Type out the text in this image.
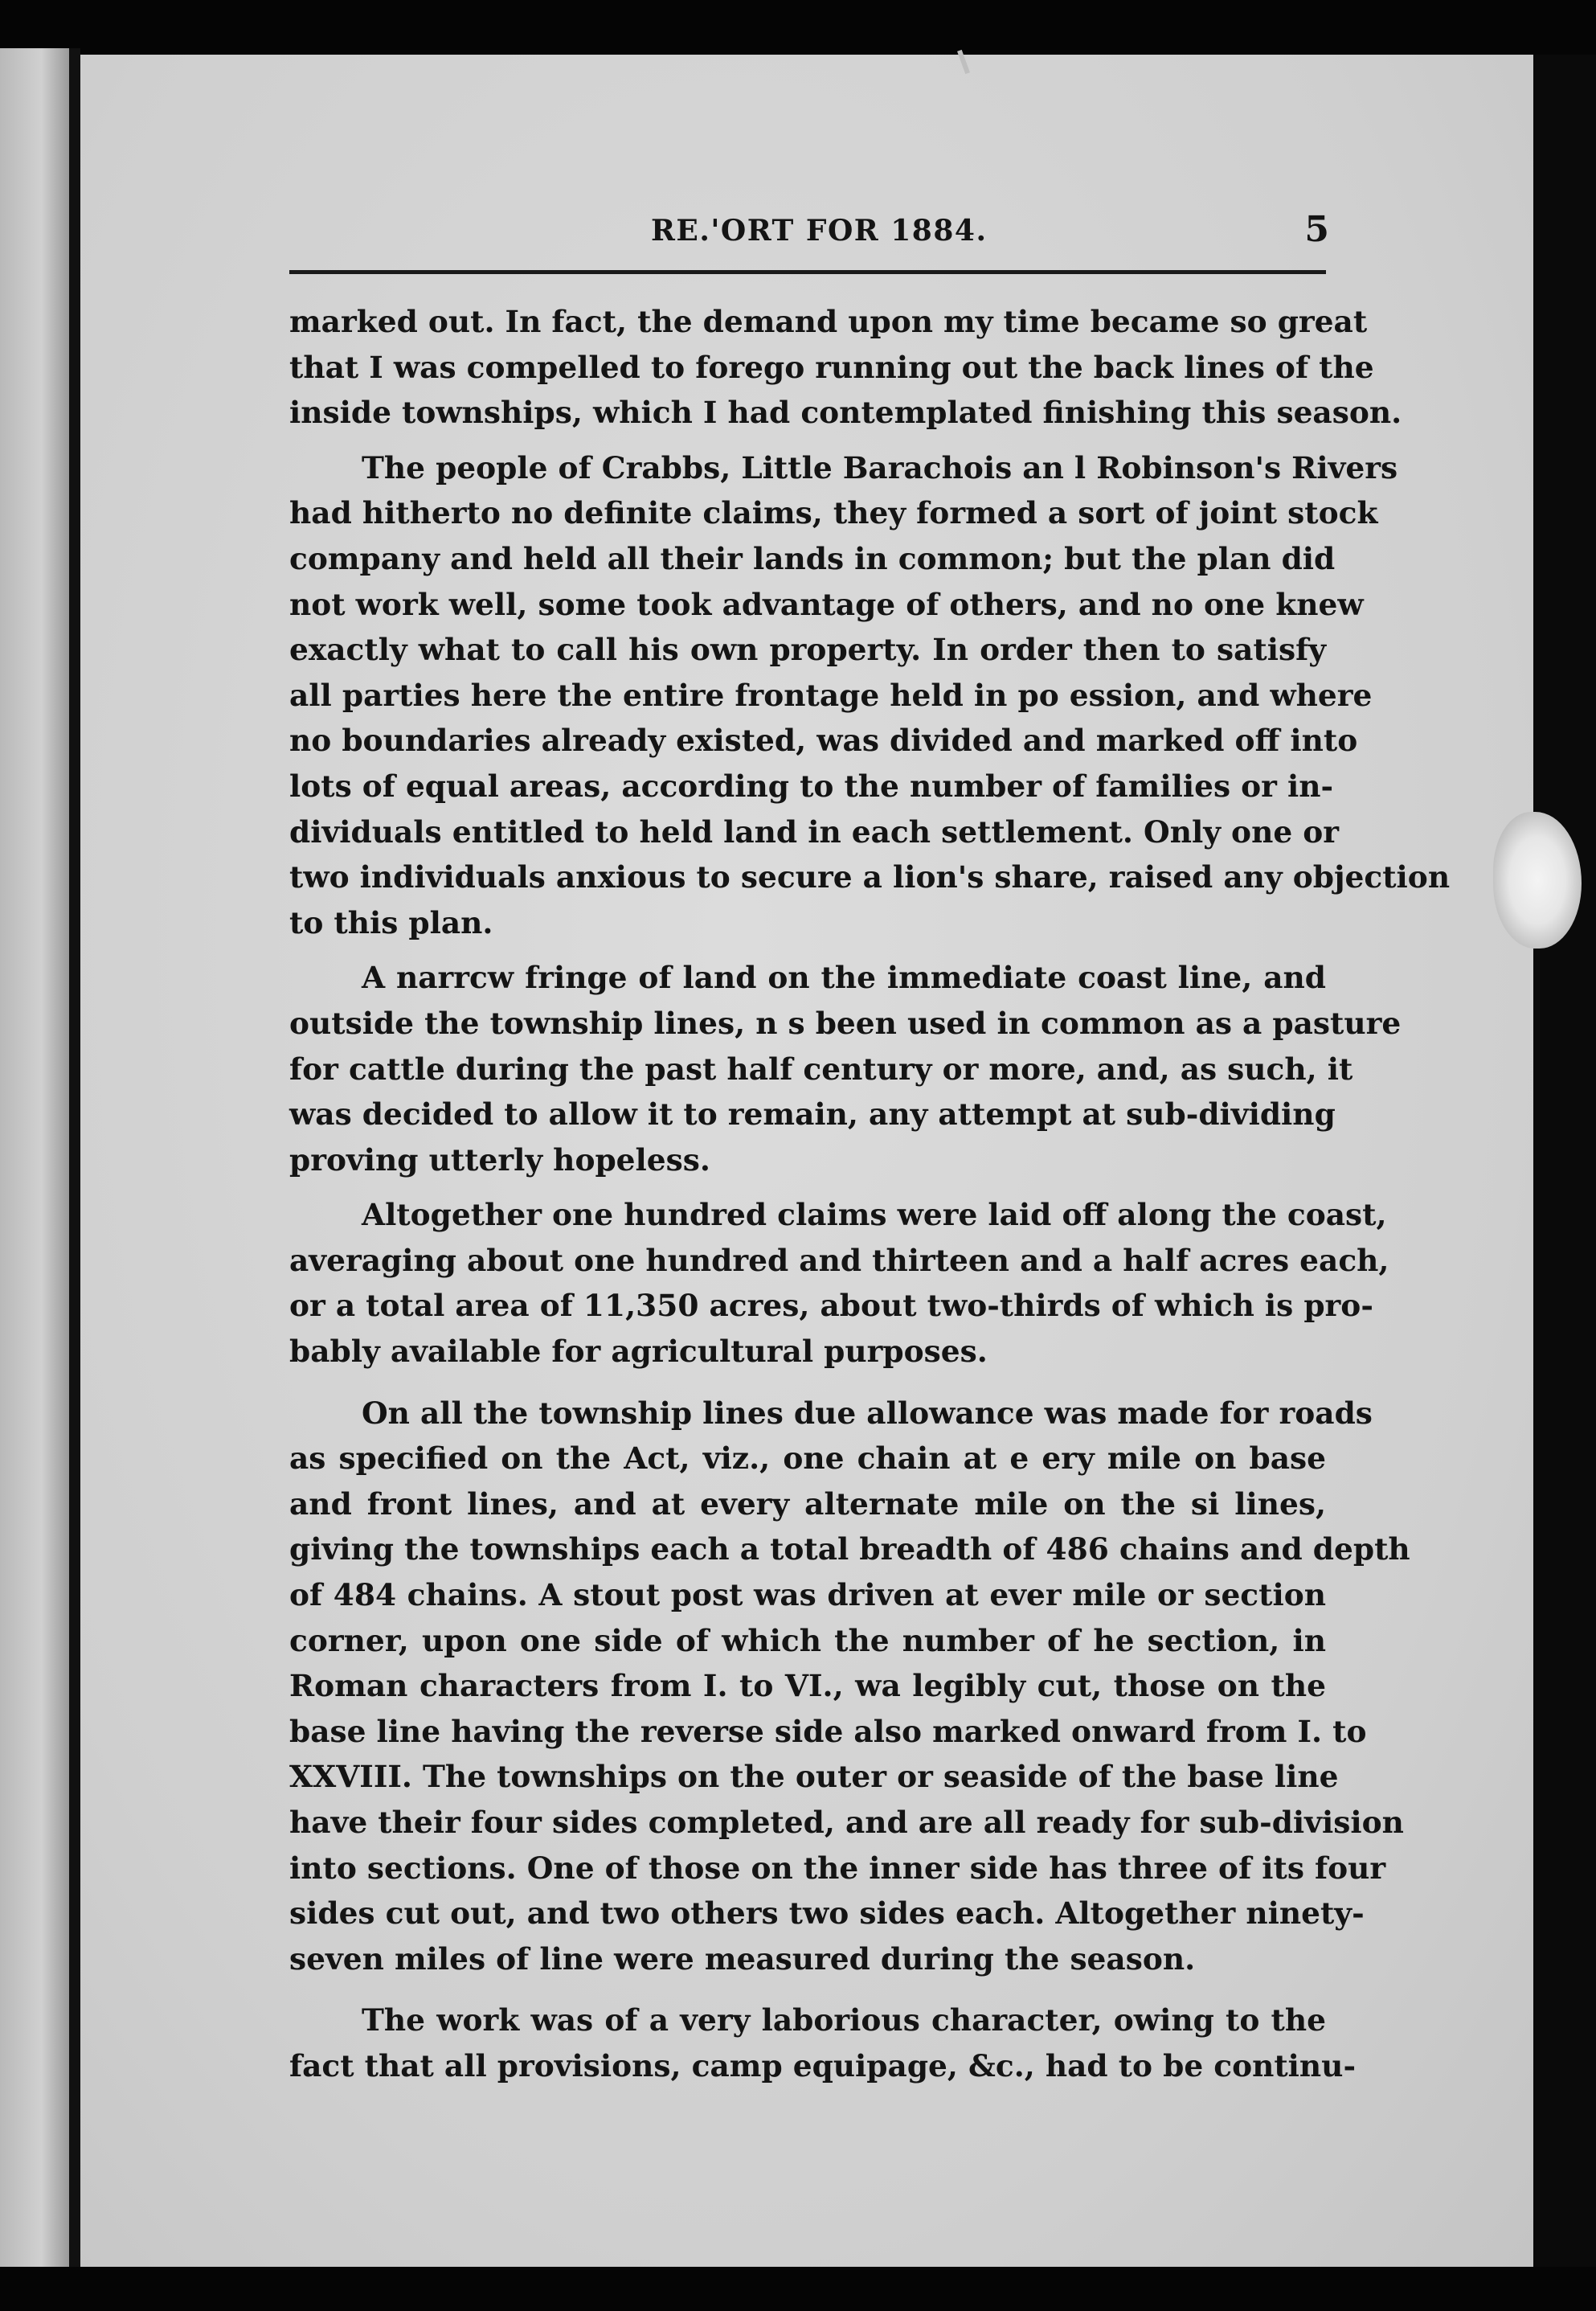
RE.'ORT FOR 1884.	5
marked out. In fact, the demand upon my time became so great
that I was compelled to forego running out the back lines of the
inside townships, which I had contemplated finishing this season.
The people of Crabbs, Little Barachois an l Robinson's Rivers
had hitherto no definite claims, they formed a sort of joint stock
company and held all their lands in common; but the plan did
not work well, some took advantage of others, and no one knew
exactly what to call his own property. In order then to satisfy
all parties here the entire frontage held in po ession, and where
no boundaries already existed, was divided and marked off into
lots of equal areas, according to the number of families or in-
dividuals entitled to held land in each settlement. Only one or
two individuals anxious to secure a lion's share, raised any objection
to this plan.
A narrcw fringe of land on the immediate coast line, and
outside the township lines, n s been used in common as a pasture
for cattle during the past half century or more, and, as such, it
was decided to allow it to remain, any attempt at sub-dividing
proving utterly hopeless.
Altogether one hundred claims were laid off along the coast,
averaging about one hundred and thirteen and a half acres each,
or a total area of 11,350 acres, about two-thirds of which is pro-
bably available for agricultural purposes.
On all the township lines due allowance was made for roads
as specified on the Act, viz., one chain at e ery mile on base
and front lines, and at every alternate mile on the si lines,
giving the townships each a total breadth of 486 chains and depth
of 484 chains. A stout post was driven at ever mile or section
corner, upon one side of which the number of he section, in
Roman characters from I. to VI., wa legibly cut, those on the
base line having the reverse side also marked onward from I. to
XXVIII. The townships on the outer or seaside of the base line
have their four sides completed, and are all ready for sub-division
into sections. One of those on the inner side has three of its four
sides cut out, and two others two sides each. Altogether ninety-
seven miles of line were measured during the season.
The work was of a very laborious character, owing to the
fact that all provisions, camp equipage, &c., had to be continu-
